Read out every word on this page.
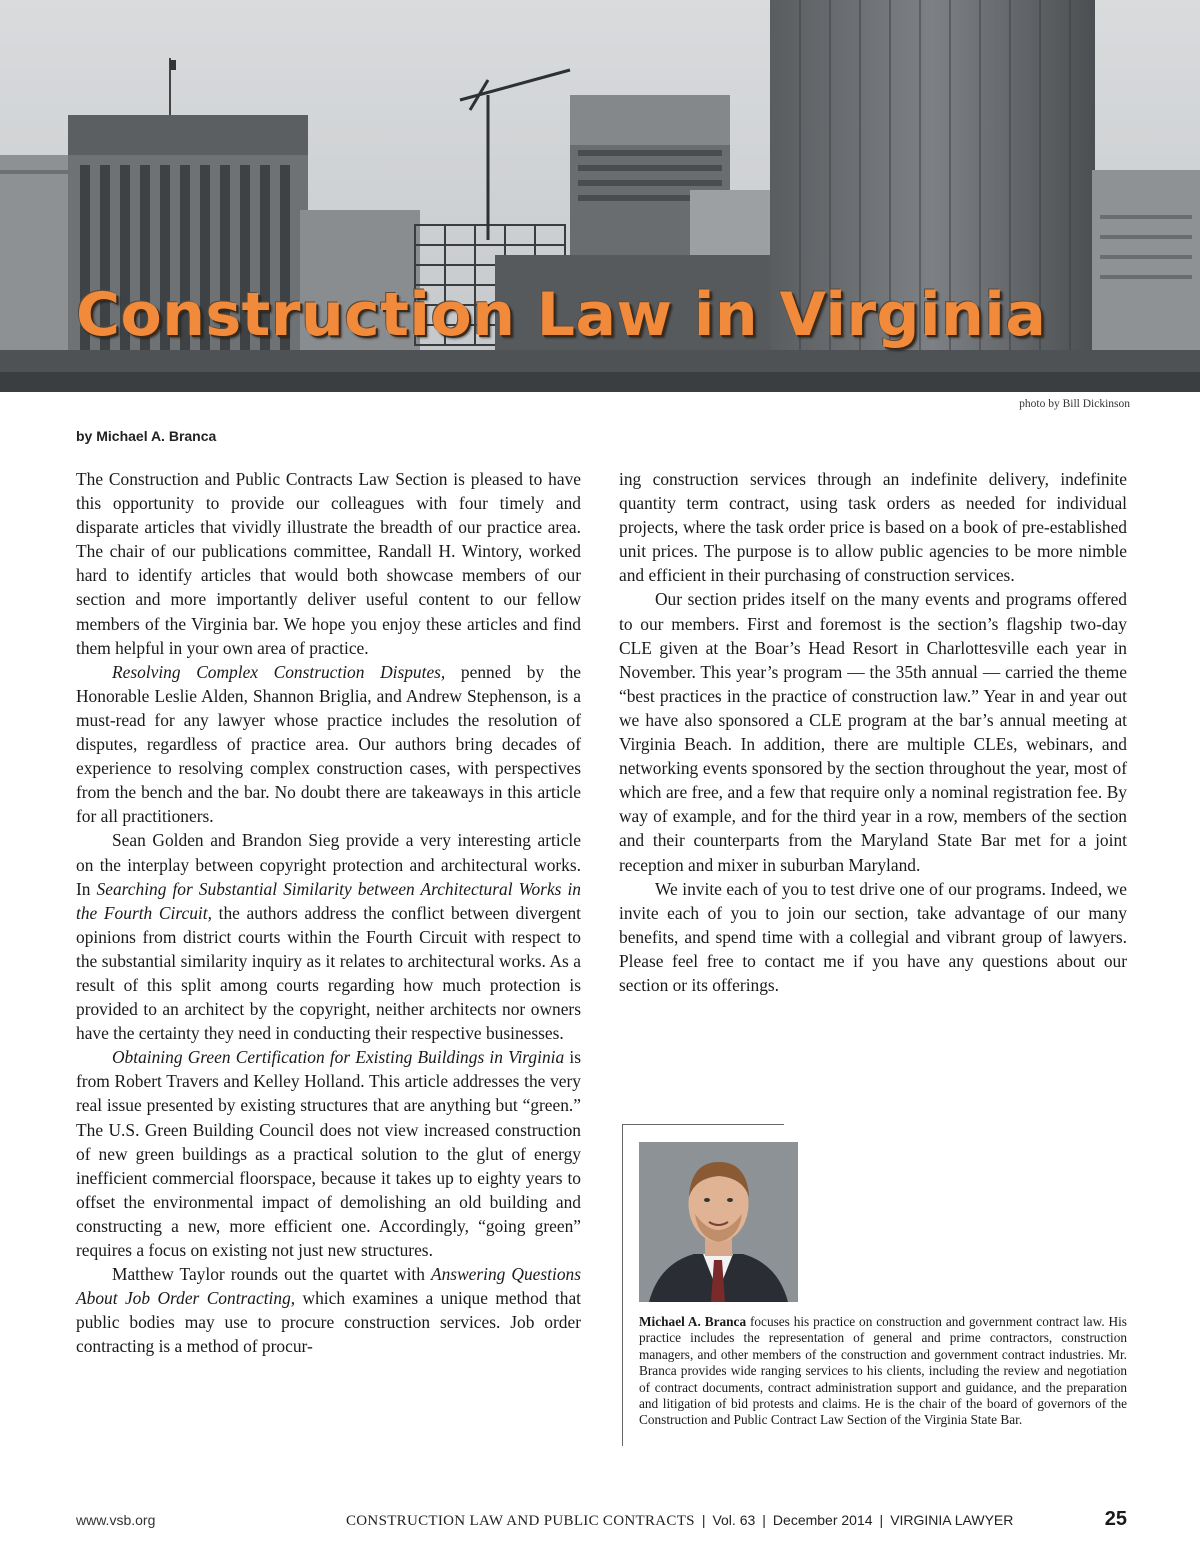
Construction Law in Virginia
photo by Bill Dickinson
by Michael A. Branca

The Construction and Public Contracts Law Section is pleased to have this opportunity to provide our colleagues with four timely and disparate articles that vividly illustrate the breadth of our practice area. The chair of our publications committee, Randall H. Wintory, worked hard to identify articles that would both showcase members of our section and more importantly deliver useful content to our fellow members of the Virginia bar. We hope you enjoy these articles and find them helpful in your own area of practice.

Resolving Complex Construction Disputes, penned by the Honorable Leslie Alden, Shannon Briglia, and Andrew Stephenson, is a must-read for any lawyer whose practice includes the resolution of disputes, regardless of practice area. Our authors bring decades of experience to resolving complex construction cases, with perspectives from the bench and the bar. No doubt there are takeaways in this article for all practitioners.

Sean Golden and Brandon Sieg provide a very interesting article on the interplay between copyright protection and architectural works. In Searching for Substantial Similarity between Architectural Works in the Fourth Circuit, the authors address the conflict between divergent opinions from district courts within the Fourth Circuit with respect to the substantial similarity inquiry as it relates to architectural works. As a result of this split among courts regarding how much protection is provided to an architect by the copyright, neither architects nor owners have the certainty they need in conducting their respective businesses.

Obtaining Green Certification for Existing Buildings in Virginia is from Robert Travers and Kelley Holland. This article addresses the very real issue presented by existing structures that are anything but “green.” The U.S. Green Building Council does not view increased construction of new green buildings as a practical solution to the glut of energy inefficient commercial floorspace, because it takes up to eighty years to offset the environmental impact of demolishing an old building and constructing a new, more efficient one. Accordingly, “going green” requires a focus on existing not just new structures.

Matthew Taylor rounds out the quartet with Answering Questions About Job Order Contracting, which examines a unique method that public bodies may use to procure construction services. Job order contracting is a method of procur-

ing construction services through an indefinite delivery, indefinite quantity term contract, using task orders as needed for individual projects, where the task order price is based on a book of pre-established unit prices. The purpose is to allow public agencies to be more nimble and efficient in their purchasing of construction services.

Our section prides itself on the many events and programs offered to our members. First and foremost is the section’s flagship two-day CLE given at the Boar’s Head Resort in Charlottesville each year in November. This year’s program — the 35th annual — carried the theme “best practices in the practice of construction law.” Year in and year out we have also sponsored a CLE program at the bar’s annual meeting at Virginia Beach. In addition, there are multiple CLEs, webinars, and networking events sponsored by the section throughout the year, most of which are free, and a few that require only a nominal registration fee. By way of example, and for the third year in a row, members of the section and their counterparts from the Maryland State Bar met for a joint reception and mixer in suburban Maryland.

We invite each of you to test drive one of our programs. Indeed, we invite each of you to join our section, take advantage of our many benefits, and spend time with a collegial and vibrant group of lawyers. Please feel free to contact me if you have any questions about our section or its offerings.

Michael A. Branca focuses his practice on construction and government contract law. His practice includes the representation of general and prime contractors, construction managers, and other members of the construction and government contract industries. Mr. Branca provides wide ranging services to his clients, including the review and negotiation of contract documents, contract administration support and guidance, and the preparation and litigation of bid protests and claims. He is the chair of the board of governors of the Construction and Public Contract Law Section of the Virginia State Bar.

www.vsb.org	CONSTRUCTION LAW AND PUBLIC CONTRACTS | Vol. 63 | December 2014 | VIRGINIA LAWYER	25
